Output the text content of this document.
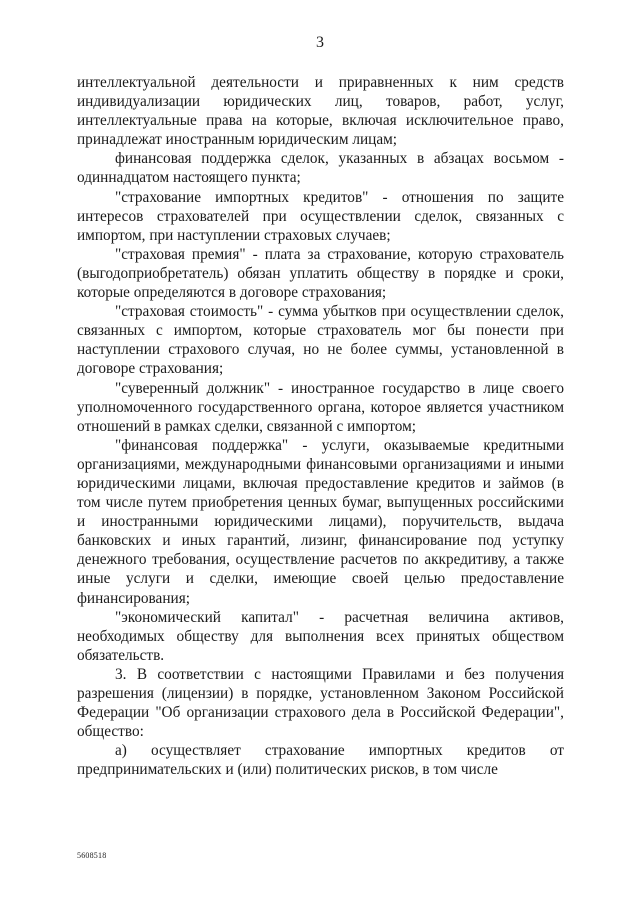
3

интеллектуальной деятельности и приравненных к ним средств индивидуализации юридических лиц, товаров, работ, услуг, интеллектуальные права на которые, включая исключительное право, принадлежат иностранным юридическим лицам;

финансовая поддержка сделок, указанных в абзацах восьмом - одиннадцатом настоящего пункта;

"страхование импортных кредитов" - отношения по защите интересов страхователей при осуществлении сделок, связанных с импортом, при наступлении страховых случаев;

"страховая премия" - плата за страхование, которую страхователь (выгодоприобретатель) обязан уплатить обществу в порядке и сроки, которые определяются в договоре страхования;

"страховая стоимость" - сумма убытков при осуществлении сделок, связанных с импортом, которые страхователь мог бы понести при наступлении страхового случая, но не более суммы, установленной в договоре страхования;

"суверенный должник" - иностранное государство в лице своего уполномоченного государственного органа, которое является участником отношений в рамках сделки, связанной с импортом;

"финансовая поддержка" - услуги, оказываемые кредитными организациями, международными финансовыми организациями и иными юридическими лицами, включая предоставление кредитов и займов (в том числе путем приобретения ценных бумаг, выпущенных российскими и иностранными юридическими лицами), поручительств, выдача банковских и иных гарантий, лизинг, финансирование под уступку денежного требования, осуществление расчетов по аккредитиву, а также иные услуги и сделки, имеющие своей целью предоставление финансирования;

"экономический капитал" - расчетная величина активов, необходимых обществу для выполнения всех принятых обществом обязательств.

3. В соответствии с настоящими Правилами и без получения разрешения (лицензии) в порядке, установленном Законом Российской Федерации "Об организации страхового дела в Российской Федерации", общество:

а) осуществляет страхование импортных кредитов от предпринимательских и (или) политических рисков, в том числе

5608518
